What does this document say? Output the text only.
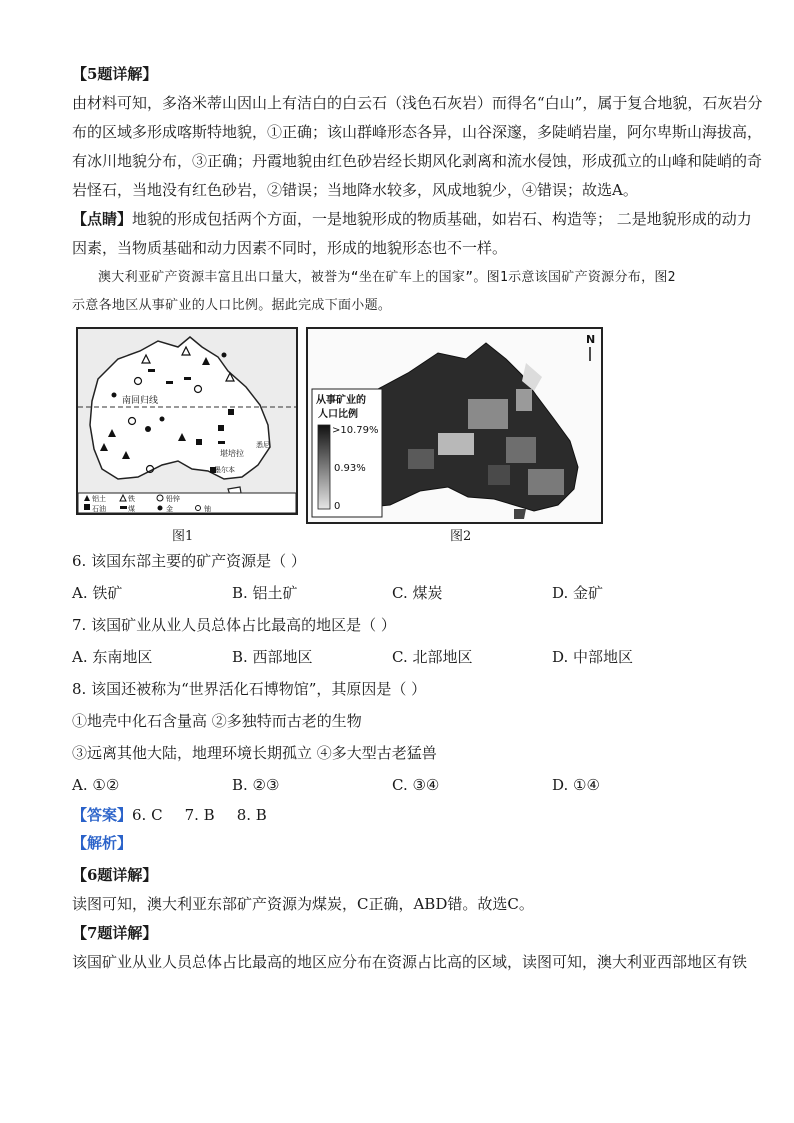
【5题详解】

由材料可知，多洛米蒂山因山上有洁白的白云石（浅色石灰岩）而得名“白山”，属于复合地貌，石灰岩分

布的区域多形成喀斯特地貌，①正确；该山群峰形态各异，山谷深邃，多陡峭岩崖，阿尔卑斯山海拔高，

有冰川地貌分布，③正确；丹霞地貌由红色砂岩经长期风化剥离和流水侵蚀，形成孤立的山峰和陡峭的奇

岩怪石，当地没有红色砂岩，②错误；当地降水较多，风成地貌少，④错误；故选A。

【点睛】地貌的形成包括两个方面，一是地貌形成的物质基础，如岩石、构造等； 二是地貌形成的动力

因素，当物质基础和动力因素不同时，形成的地貌形态也不一样。

澳大利亚矿产资源丰富且出口量大，被誉为“坐在矿车上的国家”。图1示意该国矿产资源分布，图2

示意各地区从事矿业的人口比例。据此完成下面小题。

南回归线
堪培拉
墨尔本
悉尼
铝土	铁	铅锌
石油	煤	金	铀
N
从事矿业的
人口比例
>10.79%
0.93%
0
图1	图2

6. 该国东部主要的矿产资源是（ ）

A. 铁矿	B. 铝土矿	C. 煤炭	D. 金矿

7. 该国矿业从业人员总体占比最高的地区是（ ）

A. 东南地区	B. 西部地区	C. 北部地区	D. 中部地区

8. 该国还被称为“世界活化石博物馆”，其原因是（ ）

①地壳中化石含量高 ②多独特而古老的生物

③远离其他大陆，地理环境长期孤立 ④多大型古老猛兽

A. ①②	B. ②③	C. ③④	D. ①④

【答案】6. C 7. B 8. B

【解析】

【6题详解】

读图可知，澳大利亚东部矿产资源为煤炭，C正确，ABD错。故选C。

【7题详解】

该国矿业从业人员总体占比最高的地区应分布在资源占比高的区域，读图可知，澳大利亚西部地区有铁
